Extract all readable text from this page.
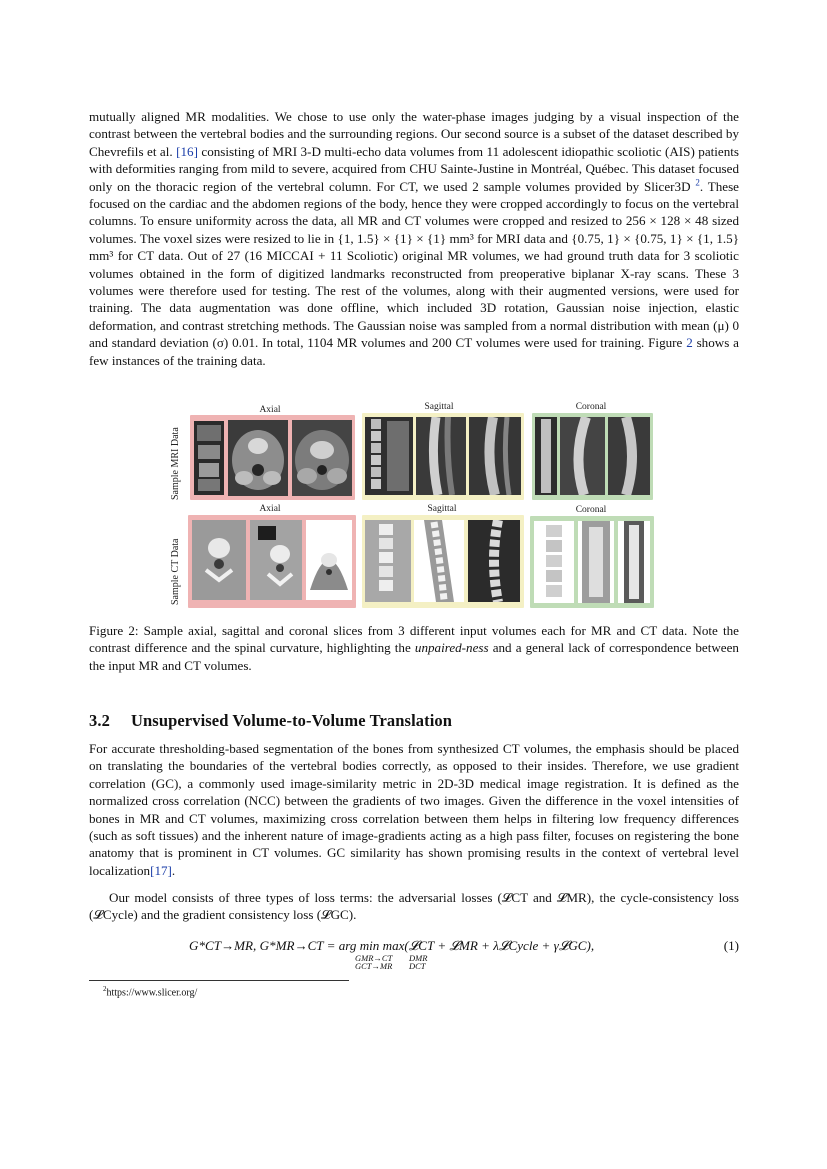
mutually aligned MR modalities. We chose to use only the water-phase images judging by a visual inspection of the contrast between the vertebral bodies and the surrounding regions. Our second source is a subset of the dataset described by Chevrefils et al. [16] consisting of MRI 3-D multi-echo data volumes from 11 adolescent idiopathic scoliotic (AIS) patients with deformities ranging from mild to severe, acquired from CHU Sainte-Justine in Montréal, Québec. This dataset focused only on the thoracic region of the vertebral column. For CT, we used 2 sample volumes provided by Slicer3D $^2$. These focused on the cardiac and the abdomen regions of the body, hence they were cropped accordingly to focus on the vertebral columns. To ensure uniformity across the data, all MR and CT volumes were cropped and resized to 256 × 128 × 48 sized volumes. The voxel sizes were resized to lie in {1, 1.5} × {1} × {1} mm³ for MRI data and {0.75, 1} × {0.75, 1} × {1, 1.5} mm³ for CT data. Out of 27 (16 MICCAI + 11 Scoliotic) original MR volumes, we had ground truth data for 3 scoliotic volumes obtained in the form of digitized landmarks reconstructed from preoperative biplanar X-ray scans. These 3 volumes were therefore used for testing. The rest of the volumes, along with their augmented versions, were used for training. The data augmentation was done offline, which included 3D rotation, Gaussian noise injection, elastic deformation, and contrast stretching methods. The Gaussian noise was sampled from a normal distribution with mean (μ) 0 and standard deviation (σ) 0.01. In total, 1104 MR volumes and 200 CT volumes were used for training. Figure 2 shows a few instances of the training data.

Sample MRI Data
Sample CT Data
Axial	Sagittal	Coronal
Axial	Sagittal	Coronal
Figure 2: Sample axial, sagittal and coronal slices from 3 different input volumes each for MR and CT data. Note the contrast difference and the spinal curvature, highlighting the unpaired-ness and a general lack of correspondence between the input MR and CT volumes.
3.2 Unsupervised Volume-to-Volume Translation

For accurate thresholding-based segmentation of the bones from synthesized CT volumes, the emphasis should be placed on translating the boundaries of the vertebral bodies correctly, as opposed to their insides. Therefore, we use gradient correlation (GC), a commonly used image-similarity metric in 2D-3D medical image registration. It is defined as the normalized cross correlation (NCC) between the gradients of two images. Given the difference in the voxel intensities of bones in MR and CT volumes, maximizing cross correlation between them helps in filtering low frequency differences (such as soft tissues) and the inherent nature of image-gradients acting as a high pass filter, focuses on registering the bone anatomy that is prominent in CT volumes. GC similarity has shown promising results in the context of vertebral level localization[17].

Our model consists of three types of loss terms: the adversarial losses (𝓛CT and 𝓛MR), the cycle-consistency loss (𝓛Cycle) and the gradient consistency loss (𝓛GC).

G*CT→MR, G*MR→CT = arg min max(𝓛CT + 𝓛MR + λ𝓛Cycle + γ𝓛GC),
GMR→CT
GCT→MR
DMR
DCT
(1)
$^2$https://www.slicer.org/
